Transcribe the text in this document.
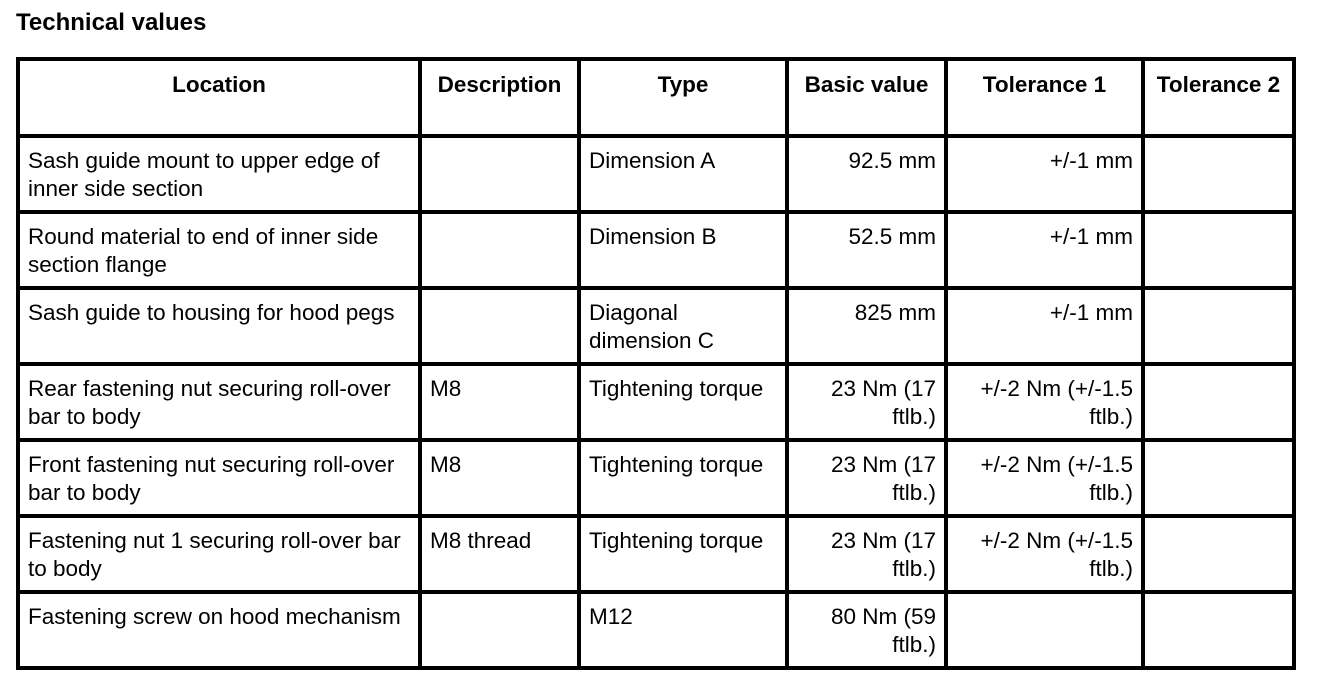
Technical values
Location	Description	Type	Basic value	Tolerance 1	Tolerance 2
Sash guide mount to upper edge of inner side section		Dimension A	92.5 mm	+/-1 mm	
Round material to end of inner side section flange		Dimension B	52.5 mm	+/-1 mm	
Sash guide to housing for hood pegs		Diagonal dimension C	825 mm	+/-1 mm	
Rear fastening nut securing roll-over bar to body	M8	Tightening torque	23 Nm (17 ftlb.)	+/-2 Nm (+/-1.5 ftlb.)	
Front fastening nut securing roll-over bar to body	M8	Tightening torque	23 Nm (17 ftlb.)	+/-2 Nm (+/-1.5 ftlb.)	
Fastening nut 1 securing roll-over bar to body	M8 thread	Tightening torque	23 Nm (17 ftlb.)	+/-2 Nm (+/-1.5 ftlb.)	
Fastening screw on hood mechanism		M12	80 Nm (59 ftlb.)		
